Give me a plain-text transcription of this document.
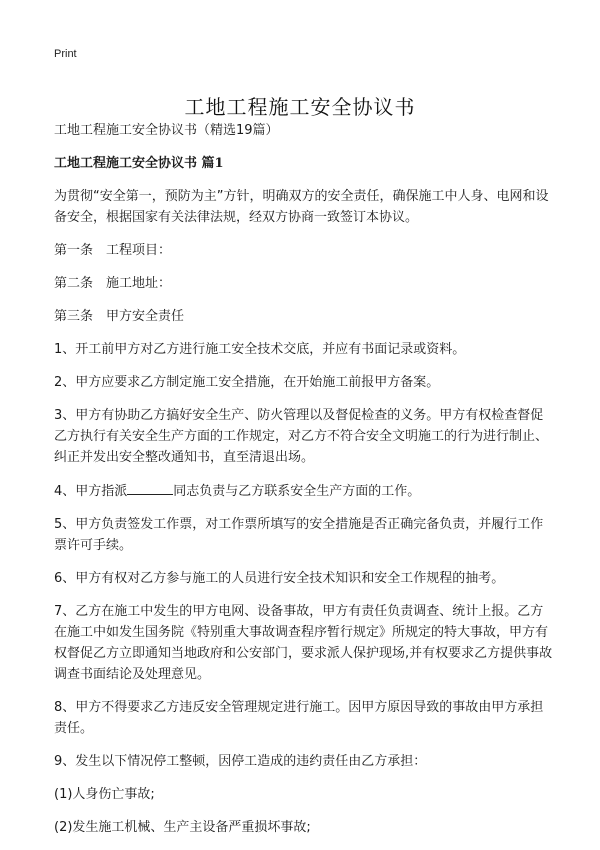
Print
工地工程施工安全协议书

工地工程施工安全协议书（精选19篇）

工地工程施工安全协议书 篇1

为贯彻“安全第一，预防为主”方针，明确双方的安全责任，确保施工中人身、电网和设备安全，根据国家有关法律法规，经双方协商一致签订本协议。

第一条　工程项目：

第二条　施工地址：

第三条　甲方安全责任

1、开工前甲方对乙方进行施工安全技术交底，并应有书面记录或资料。

2、甲方应要求乙方制定施工安全措施，在开始施工前报甲方备案。

3、甲方有协助乙方搞好安全生产、防火管理以及督促检查的义务。甲方有权检查督促乙方执行有关安全生产方面的工作规定，对乙方不符合安全文明施工的行为进行制止、纠正并发出安全整改通知书，直至清退出场。

4、甲方指派	同志负责与乙方联系安全生产方面的工作。

5、甲方负责签发工作票，对工作票所填写的安全措施是否正确完备负责，并履行工作票许可手续。

6、甲方有权对乙方参与施工的人员进行安全技术知识和安全工作规程的抽考。

7、乙方在施工中发生的甲方电网、设备事故，甲方有责任负责调查、统计上报。乙方在施工中如发生国务院《特别重大事故调查程序暂行规定》所规定的特大事故，甲方有权督促乙方立即通知当地政府和公安部门，要求派人保护现场,并有权要求乙方提供事故调查书面结论及处理意见。

8、甲方不得要求乙方违反安全管理规定进行施工。因甲方原因导致的事故由甲方承担责任。

9、发生以下情况停工整顿，因停工造成的违约责任由乙方承担：

(1)人身伤亡事故;

(2)发生施工机械、生产主设备严重损坏事故;
